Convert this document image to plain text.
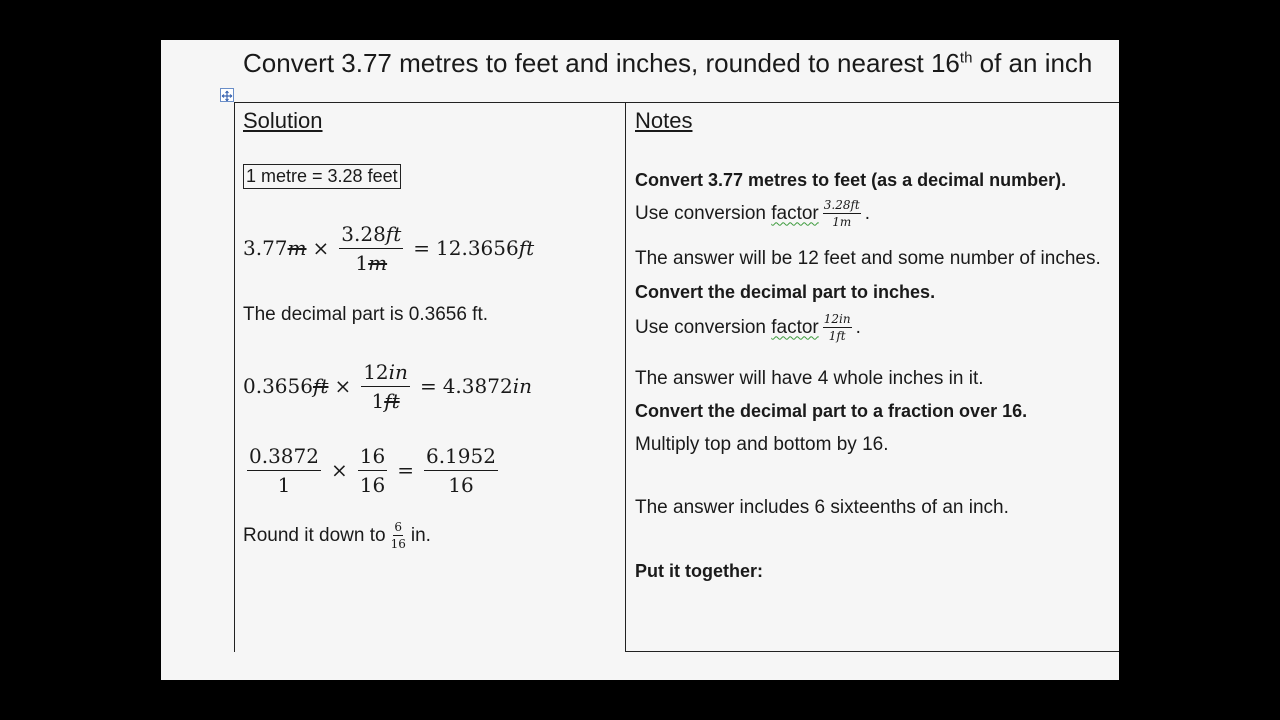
Convert 3.77 metres to feet and inches, rounded to nearest 16th of an inch
Solution
1 metre = 3.28 feet
3.77 $m \times \frac{3.28ft}{1m} = 12.3656$ ft
The decimal part is 0.3656 ft.
0.3656 ft × $\frac{12in}{1ft} = 4.3872$ in
$\frac{0.3872}{1} \times \frac{16}{16} = \frac{6.1952}{16}$
Round it down to $\frac{6}{16}$ in.
Notes
Convert 3.77 metres to feet (as a decimal number).
Use conversion
factor $\frac{3.28ft}{1m}$ .
The answer will be 12 feet and some number of inches.
Convert the decimal part to inches.
Use conversion
factor $\frac{12in}{1ft}$ .
The answer will have 4 whole inches in it.
Convert the decimal part to a fraction over 16.
Multiply top and bottom by 16.
The answer includes 6 sixteenths of an inch.
Put it together:
